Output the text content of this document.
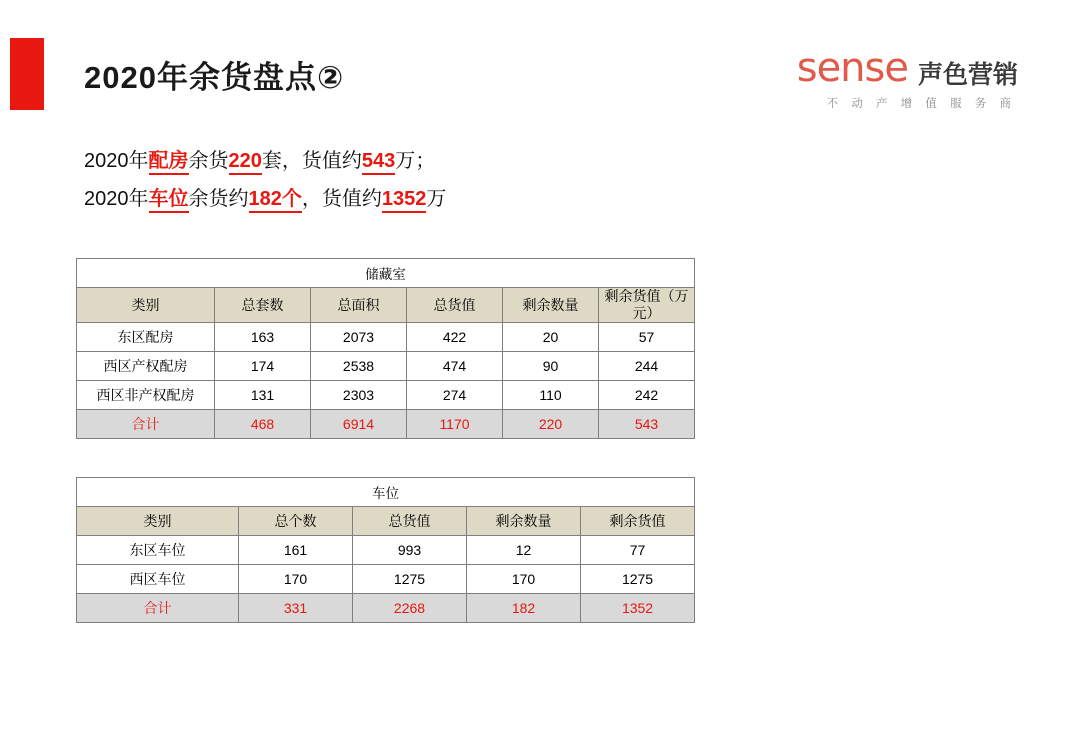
2020年余货盘点②	sense 声色营销
不 动 产 增 值 服 务 商
2020年配房余货220套，货值约543万；
2020年车位余货约182个，货值约1352万
储藏室					
类别	总套数	总面积	总货值	剩余数量	剩余货值（万元）
东区配房	163	2073	422	20	57
西区产权配房	174	2538	474	90	244
西区非产权配房	131	2303	274	110	242
合计	468	6914	1170	220	543
车位				
类别	总个数	总货值	剩余数量	剩余货值
东区车位	161	993	12	77
西区车位	170	1275	170	1275
合计	331	2268	182	1352
